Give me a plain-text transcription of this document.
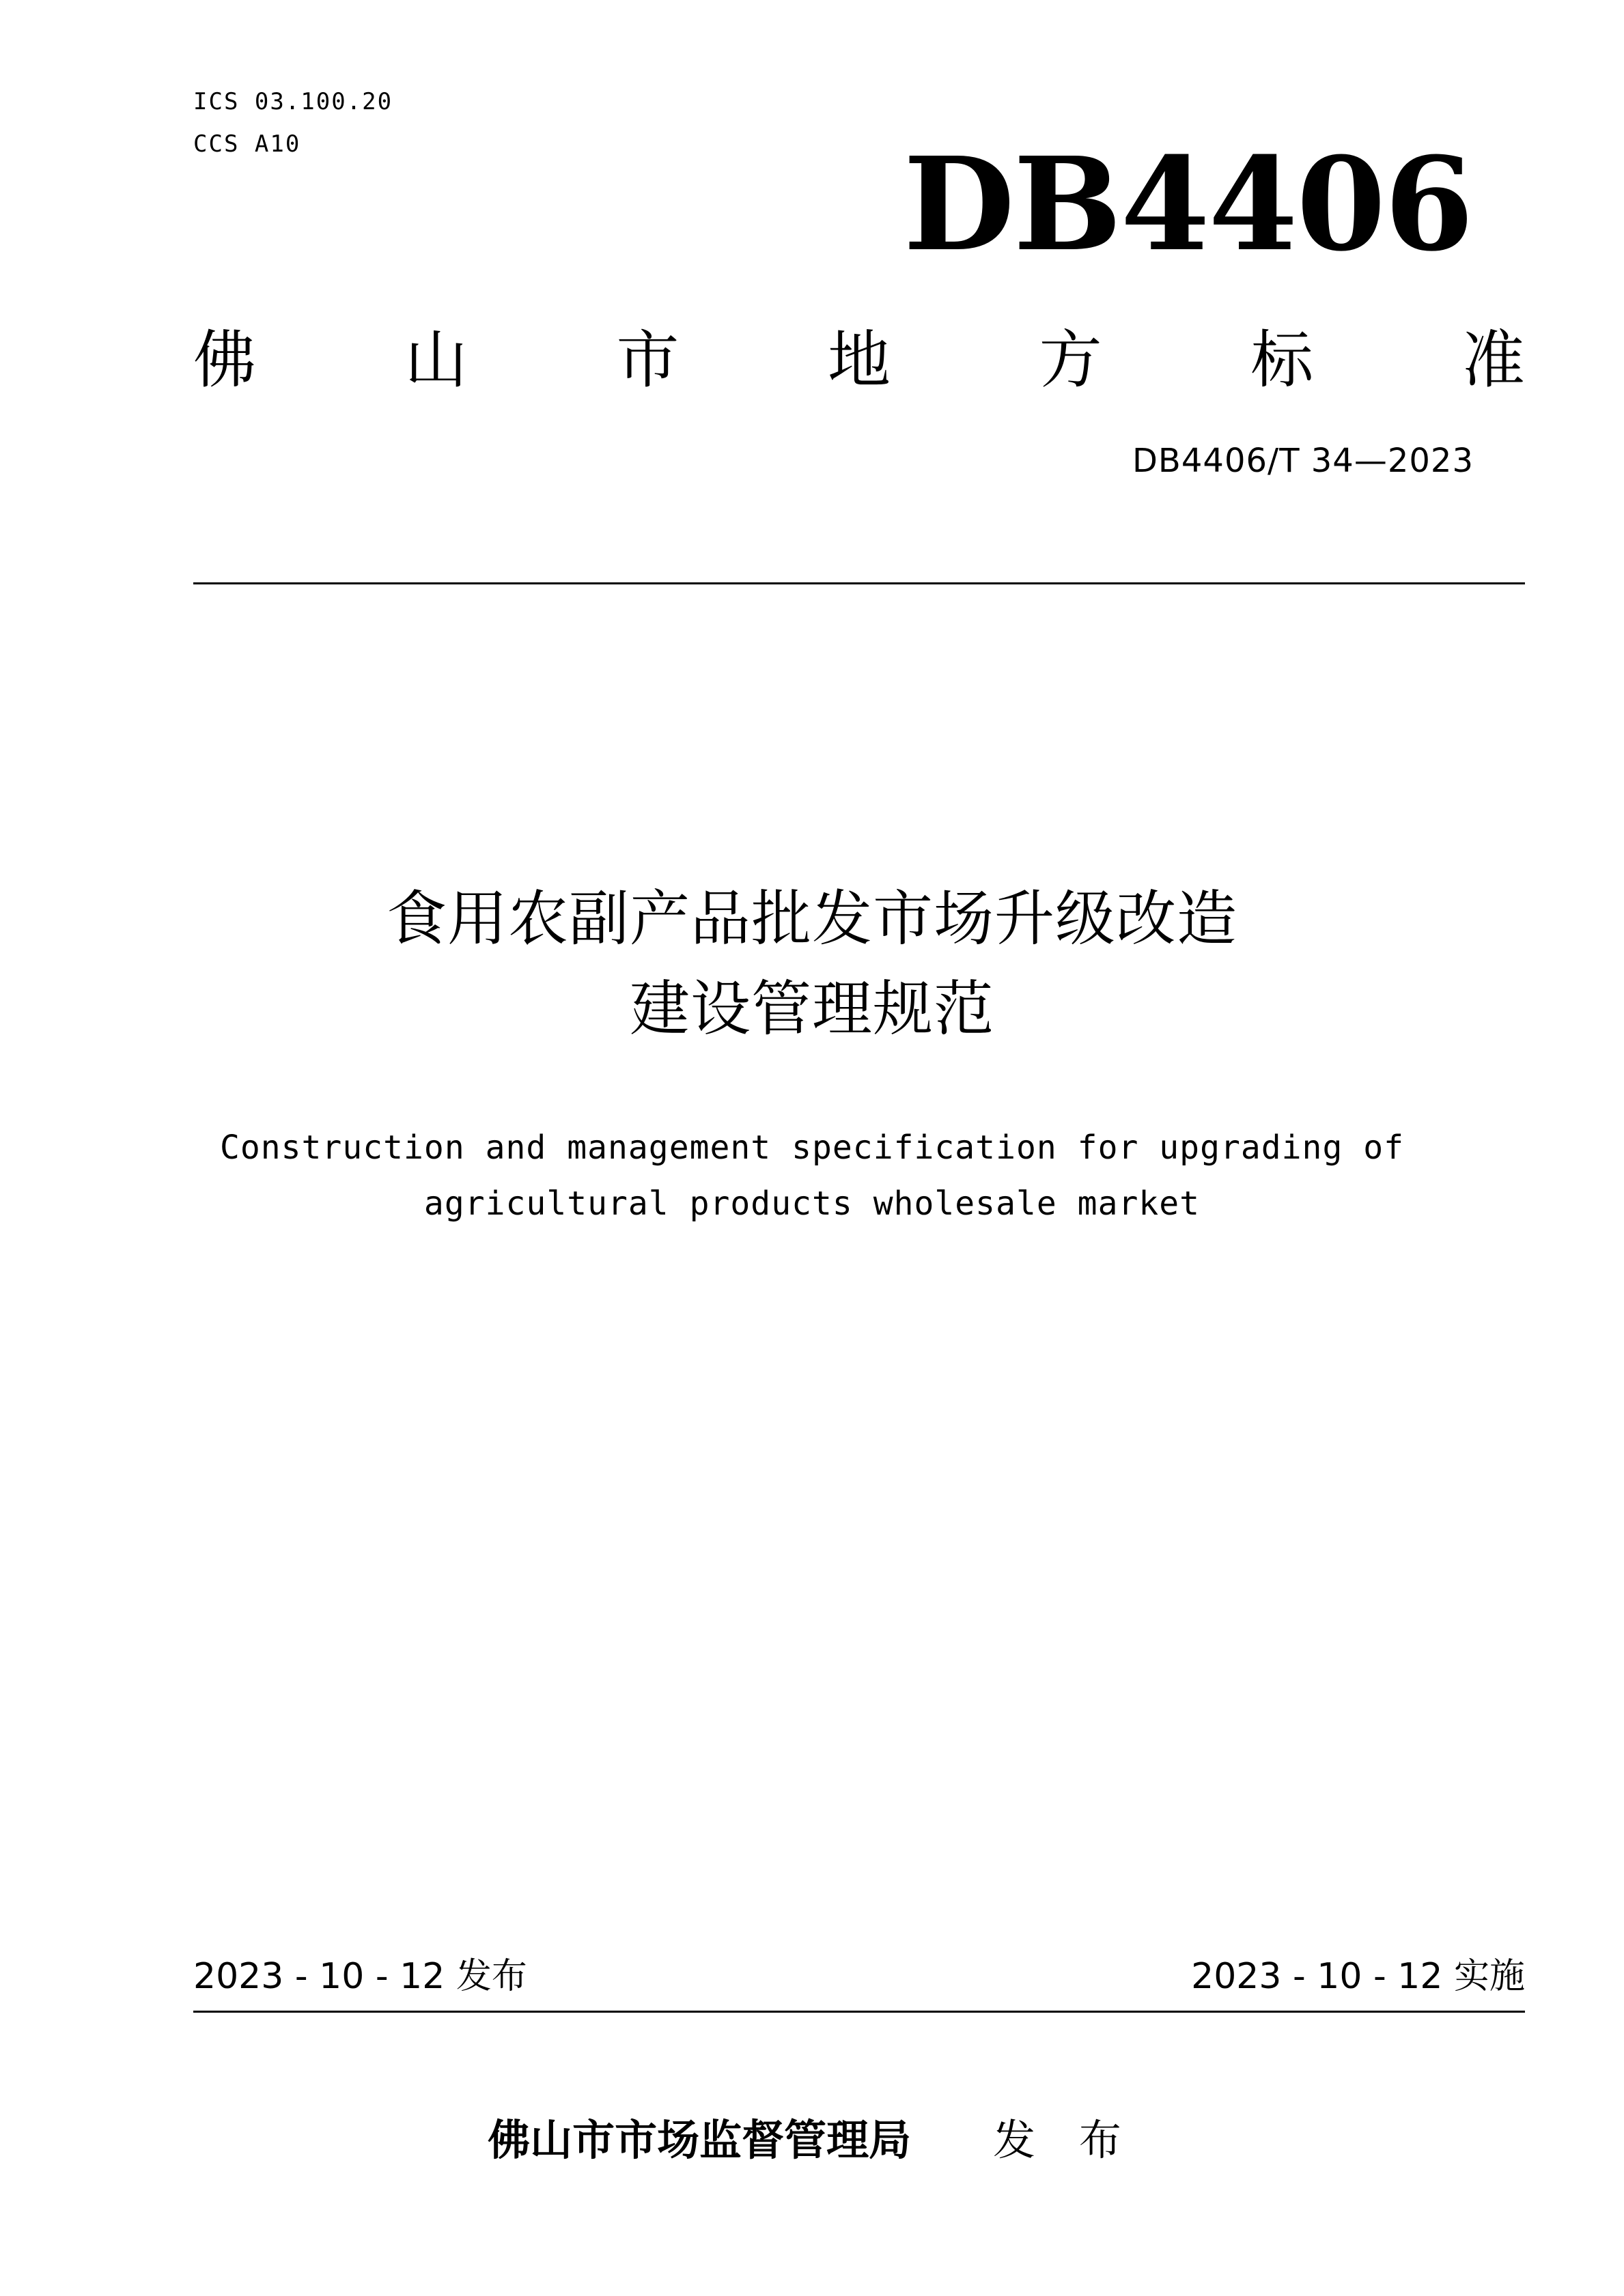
ICS 03.100.20
CCS A10	DB4406
佛 山 市 地 方 标 准
DB4406/T 34—2023
食用农副产品批发市场升级改造
建设管理规范
Construction and management specification for upgrading of
agricultural products wholesale market
2023 - 10 - 12 发布	2023 - 10 - 12 实施
佛山市市场监督管理局 发 布
